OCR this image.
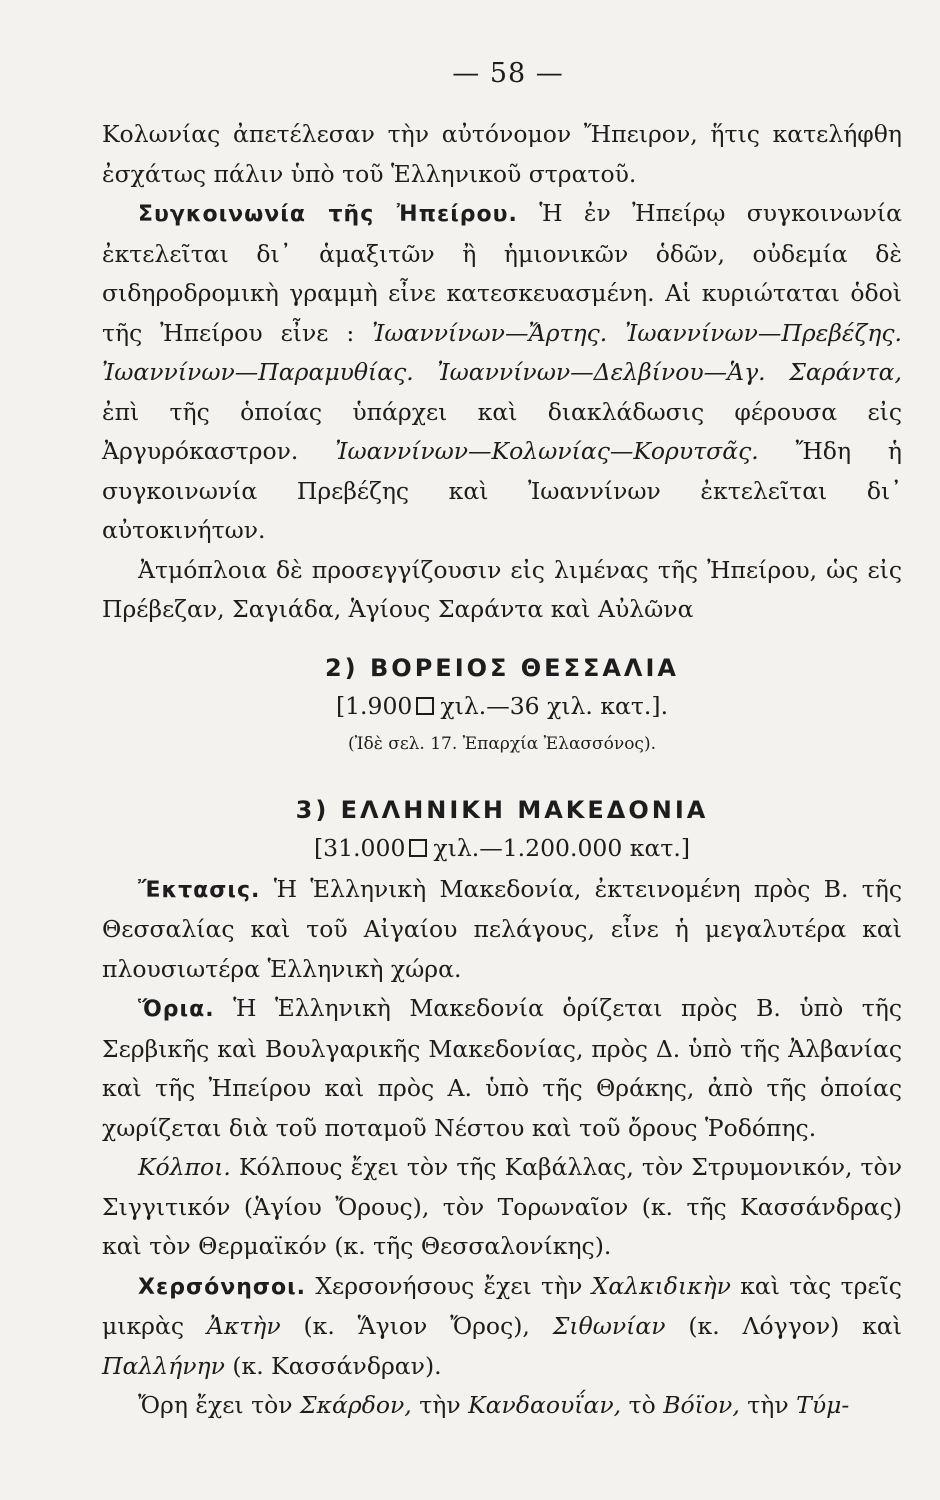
— 58 —

Κολωνίας ἀπετέλεσαν τὴν αὐτόνομον Ἤπειρον, ἥτις κατελήφθη ἐσχάτως πάλιν ὑπὸ τοῦ Ἑλληνικοῦ στρατοῦ.

Συγκοινωνία τῆς Ἠπείρου. Ἡ ἐν Ἠπείρῳ συγκοινωνία ἐκτελεῖται δι᾽ ἁμαξιτῶν ἢ ἡμιονικῶν ὁδῶν, οὐδεμία δὲ σιδηροδρομικὴ γραμμὴ εἶνε κατεσκευασμένη. Αἱ κυριώταται ὁδοὶ τῆς Ἠπείρου εἶνε : Ἰωαννίνων—Ἄρτης. Ἰωαννίνων—Πρεβέζης. Ἰωαννίνων—Παραμυθίας. Ἰωαννίνων—Δελβίνου—Ἁγ. Σαράντα, ἐπὶ τῆς ὁποίας ὑπάρχει καὶ διακλάδωσις φέρουσα εἰς Ἀργυρόκαστρον. Ἰωαννίνων—Κολωνίας—Κορυτσᾶς. Ἤδη ἡ συγκοινωνία Πρεβέζης καὶ Ἰωαννίνων ἐκτελεῖται δι᾽ αὐτοκινήτων.

Ἀτμόπλοια δὲ προσεγγίζουσιν εἰς λιμένας τῆς Ἠπείρου, ὡς εἰς Πρέβεζαν, Σαγιάδα, Ἁγίους Σαράντα καὶ Αὐλῶνα

2) ΒΟΡΕΙΟΣ ΘΕΣΣΑΛΙΑ

[1.900 χιλ.—36 χιλ. κατ.].

(Ἰδὲ σελ. 17. Ἐπαρχία Ἐλασσόνος).

3) ΕΛΛΗΝΙΚΗ ΜΑΚΕΔΟΝΙΑ

[31.000 χιλ.—1.200.000 κατ.]

Ἔκτασις. Ἡ Ἑλληνικὴ Μακεδονία, ἐκτεινομένη πρὸς Β. τῆς Θεσσαλίας καὶ τοῦ Αἰγαίου πελάγους, εἶνε ἡ μεγαλυτέρα καὶ πλουσιωτέρα Ἑλληνικὴ χώρα.

Ὅρια. Ἡ Ἑλληνικὴ Μακεδονία ὁρίζεται πρὸς Β. ὑπὸ τῆς Σερβικῆς καὶ Βουλγαρικῆς Μακεδονίας, πρὸς Δ. ὑπὸ τῆς Ἀλβανίας καὶ τῆς Ἠπείρου καὶ πρὸς Α. ὑπὸ τῆς Θράκης, ἀπὸ τῆς ὁποίας χωρίζεται διὰ τοῦ ποταμοῦ Νέστου καὶ τοῦ ὄρους Ῥοδόπης.

Κόλποι. Κόλπους ἔχει τὸν τῆς Καβάλλας, τὸν Στρυμονικόν, τὸν Σιγγιτικόν (Ἁγίου Ὄρους), τὸν Τορωναῖον (κ. τῆς Κασσάνδρας) καὶ τὸν Θερμαϊκόν (κ. τῆς Θεσσαλονίκης).

Χερσόνησοι. Χερσονήσους ἔχει τὴν Χαλκιδικὴν καὶ τὰς τρεῖς μικρὰς Ἀκτὴν (κ. Ἅγιον Ὄρος), Σιθωνίαν (κ. Λόγγον) καὶ Παλλήνην (κ. Κασσάνδραν).

Ὄρη ἔχει τὸν Σκάρδον, τὴν Κανδαουΐαν, τὸ Βόϊον, τὴν Τύμ-
